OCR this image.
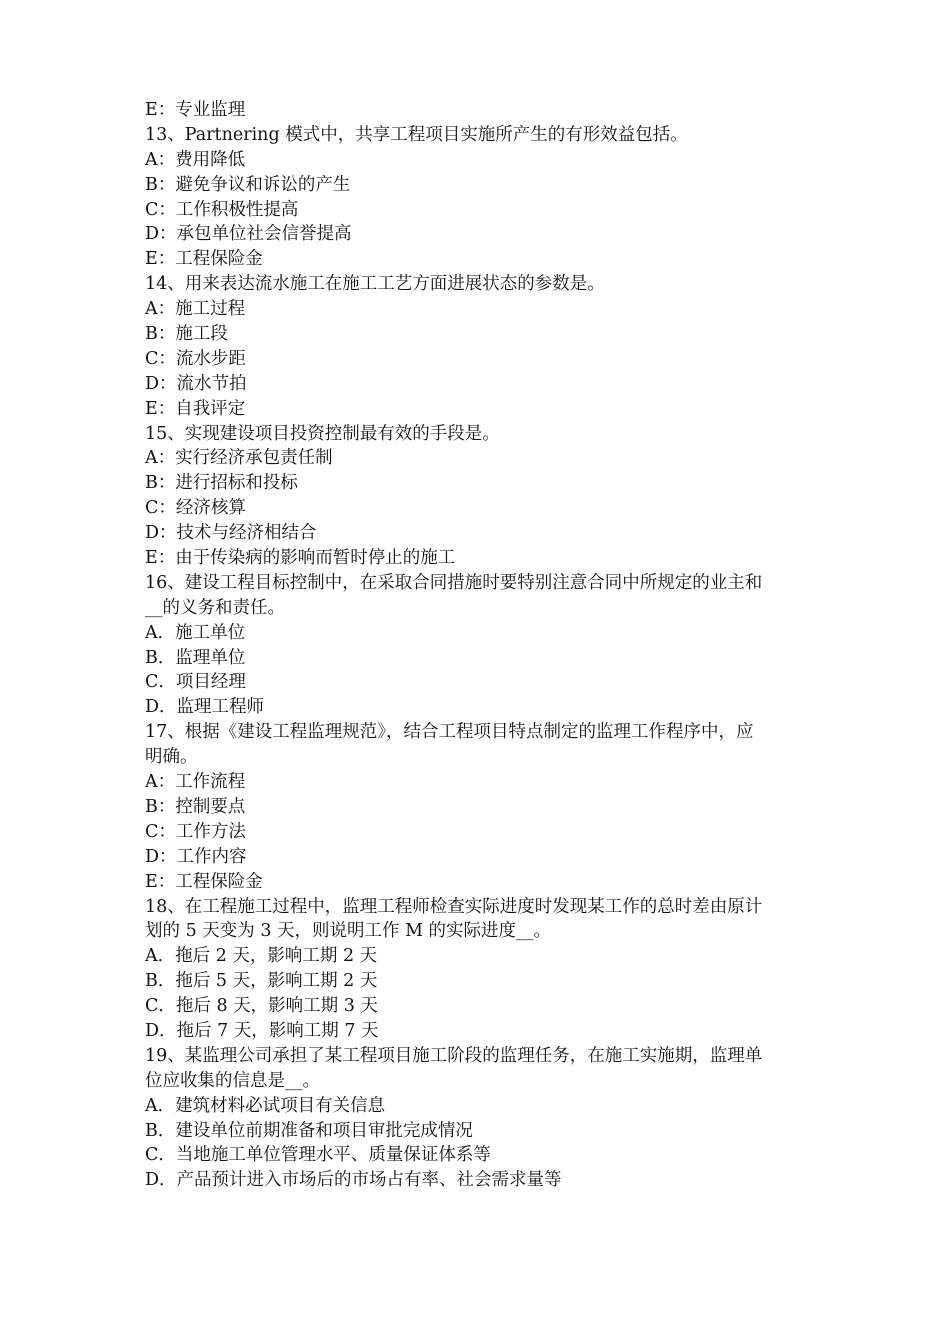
E：专业监理

13、Partnering 模式中，共享工程项目实施所产生的有形效益包括。

A：费用降低

B：避免争议和诉讼的产生

C：工作积极性提高

D：承包单位社会信誉提高

E：工程保险金

14、用来表达流水施工在施工工艺方面进展状态的参数是。

A：施工过程

B：施工段

C：流水步距

D：流水节拍

E：自我评定

15、实现建设项目投资控制最有效的手段是。

A：实行经济承包责任制

B：进行招标和投标

C：经济核算

D：技术与经济相结合

E：由于传染病的影响而暂时停止的施工

16、建设工程目标控制中，在采取合同措施时要特别注意合同中所规定的业主和

__的义务和责任。

A．施工单位

B．监理单位

C．项目经理

D．监理工程师

17、根据《建设工程监理规范》，结合工程项目特点制定的监理工作程序中，应

明确。

A：工作流程

B：控制要点

C：工作方法

D：工作内容

E：工程保险金

18、在工程施工过程中，监理工程师检查实际进度时发现某工作的总时差由原计

划的 5 天变为 3 天，则说明工作 M 的实际进度__。

A．拖后 2 天，影响工期 2 天

B．拖后 5 天，影响工期 2 天

C．拖后 8 天，影响工期 3 天

D．拖后 7 天，影响工期 7 天

19、某监理公司承担了某工程项目施工阶段的监理任务，在施工实施期，监理单

位应收集的信息是__。

A．建筑材料必试项目有关信息

B．建设单位前期准备和项目审批完成情况

C．当地施工单位管理水平、质量保证体系等

D．产品预计进入市场后的市场占有率、社会需求量等
